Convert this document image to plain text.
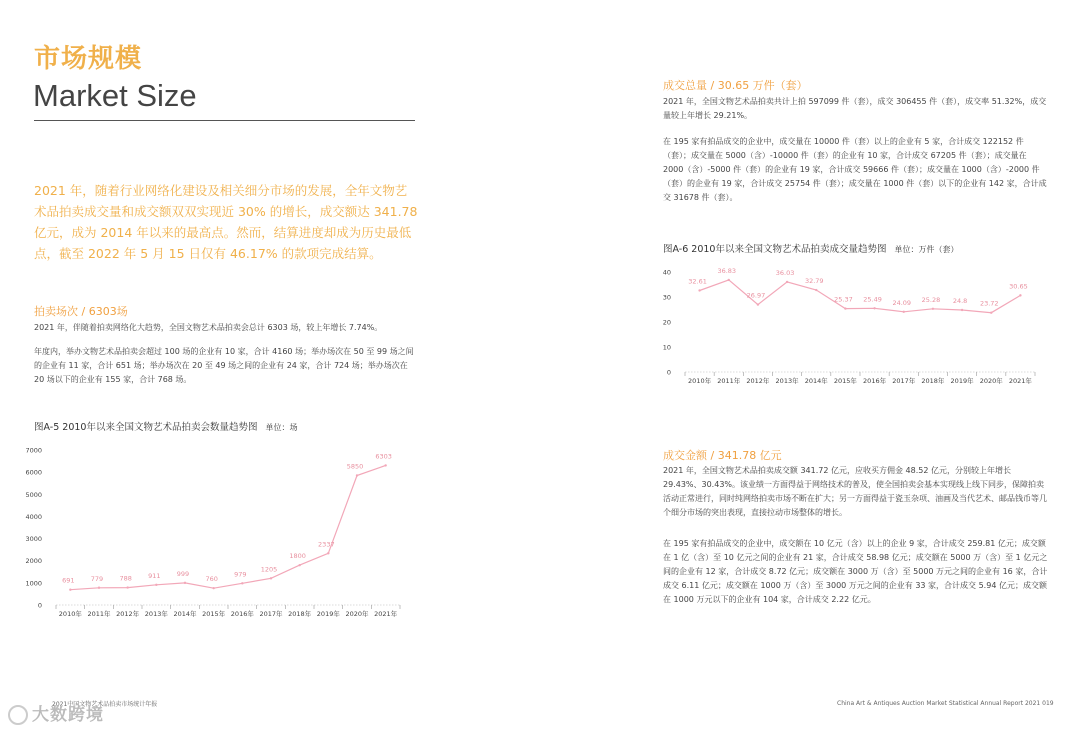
市场规模
Market Size
2021 年，随着行业网络化建设及相关细分市场的发展，全年文物艺术品拍卖成交量和成交额双双实现近 30% 的增长，成交额达 341.78 亿元，成为 2014 年以来的最高点。然而，结算进度却成为历史最低点，截至 2022 年 5 月 15 日仅有 46.17% 的款项完成结算。
拍卖场次 / 6303场
2021 年，伴随着拍卖网络化大趋势，全国文物艺术品拍卖会总计 6303 场，较上年增长 7.74%。
年度内，举办文物艺术品拍卖会超过 100 场的企业有 10 家，合计 4160 场；举办场次在 50 至 99 场之间的企业有 11 家，合计 651 场；举办场次在 20 至 49 场之间的企业有 24 家，合计 724 场；举办场次在 20 场以下的企业有 155 家，合计 768 场。
图A-5 2010年以来全国文物艺术品拍卖会数量趋势图 单位：场
0
1000
2000
3000
4000
5000
6000
7000
2010年 2011年 2012年 2013年 2014年 2015年 2016年 2017年 2018年 2019年 2020年 2021年
691 779 788 911 999
760
979
1205
1800
2337
5850
6303
成交总量 / 30.65 万件（套）
2021 年，全国文物艺术品拍卖共计上拍 597099 件（套），成交 306455 件（套），成交率 51.32%，成交量较上年增长 29.21%。
在 195 家有拍品成交的企业中，成交量在 10000 件（套）以上的企业有 5 家，合计成交 122152 件（套）；成交量在 5000（含）-10000 件（套）的企业有 10 家，合计成交 67205 件（套）；成交量在 2000（含）-5000 件（套）的企业有 19 家，合计成交 59666 件（套）；成交量在 1000（含）-2000 件（套）的企业有 19 家，合计成交 25754 件（套）；成交量在 1000 件（套）以下的企业有 142 家，合计成交 31678 件（套）。
图A-6 2010年以来全国文物艺术品拍卖成交量趋势图 单位：万件（套）
0
10
20
30
40
2010年 2011年 2012年 2013年 2014年 2015年 2016年 2017年 2018年 2019年 2020年 2021年
32.61
36.83
26.97
36.03
32.79
25.37 25.49 24.09 25.28 24.8 23.72
30.65
成交金额 / 341.78 亿元
2021 年，全国文物艺术品拍卖成交额 341.72 亿元，应收买方佣金 48.52 亿元，分别较上年增长 29.43%、30.43%。该业绩一方面得益于网络技术的普及，使全国拍卖会基本实现线上线下同步，保障拍卖活动正常进行，同时纯网络拍卖市场不断在扩大；另一方面得益于瓷玉杂项、油画及当代艺术、邮品钱币等几个细分市场的突出表现，直接拉动市场整体的增长。
在 195 家有拍品成交的企业中，成交额在 10 亿元（含）以上的企业 9 家，合计成交 259.81 亿元；成交额在 1 亿（含）至 10 亿元之间的企业有 21 家，合计成交 58.98 亿元；成交额在 5000 万（含）至 1 亿元之间的企业有 12 家，合计成交 8.72 亿元；成交额在 3000 万（含）至 5000 万元之间的企业有 16 家，合计成交 6.11 亿元；成交额在 1000 万（含）至 3000 万元之间的企业有 33 家，合计成交 5.94 亿元；成交额在 1000 万元以下的企业有 104 家，合计成交 2.22 亿元。
2021中国文物艺术品拍卖市场统计年报	China Art & Antiques Auction Market Statistical Annual Report 2021 019
大数跨境
